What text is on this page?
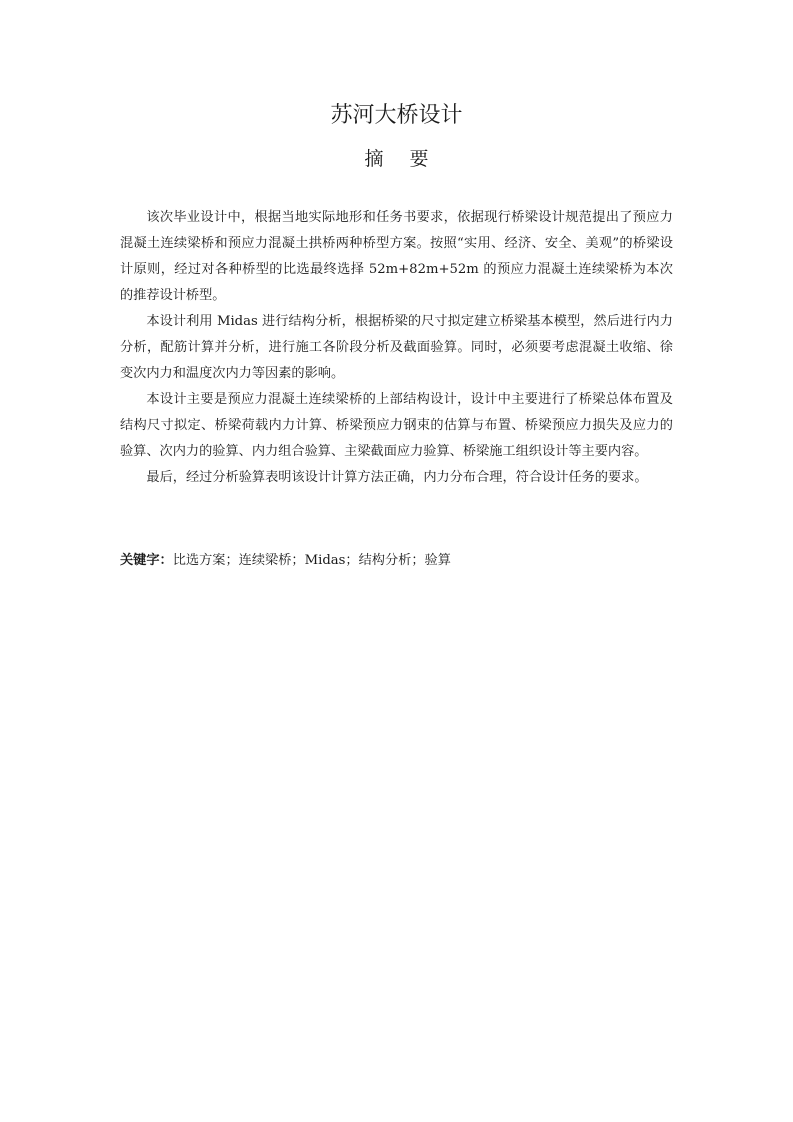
苏河大桥设计
摘 要

该次毕业设计中，根据当地实际地形和任务书要求，依据现行桥梁设计规范提出了预应力混凝土连续梁桥和预应力混凝土拱桥两种桥型方案。按照“实用、经济、安全、美观”的桥梁设计原则，经过对各种桥型的比选最终选择 52m+82m+52m 的预应力混凝土连续梁桥为本次的推荐设计桥型。

本设计利用 Midas 进行结构分析，根据桥梁的尺寸拟定建立桥梁基本模型，然后进行内力分析，配筋计算并分析，进行施工各阶段分析及截面验算。同时，必须要考虑混凝土收缩、徐变次内力和温度次内力等因素的影响。

本设计主要是预应力混凝土连续梁桥的上部结构设计，设计中主要进行了桥梁总体布置及结构尺寸拟定、桥梁荷载内力计算、桥梁预应力钢束的估算与布置、桥梁预应力损失及应力的验算、次内力的验算、内力组合验算、主梁截面应力验算、桥梁施工组织设计等主要内容。

最后，经过分析验算表明该设计计算方法正确，内力分布合理，符合设计任务的要求。

关键字：比选方案；连续梁桥；Midas；结构分析；验算
